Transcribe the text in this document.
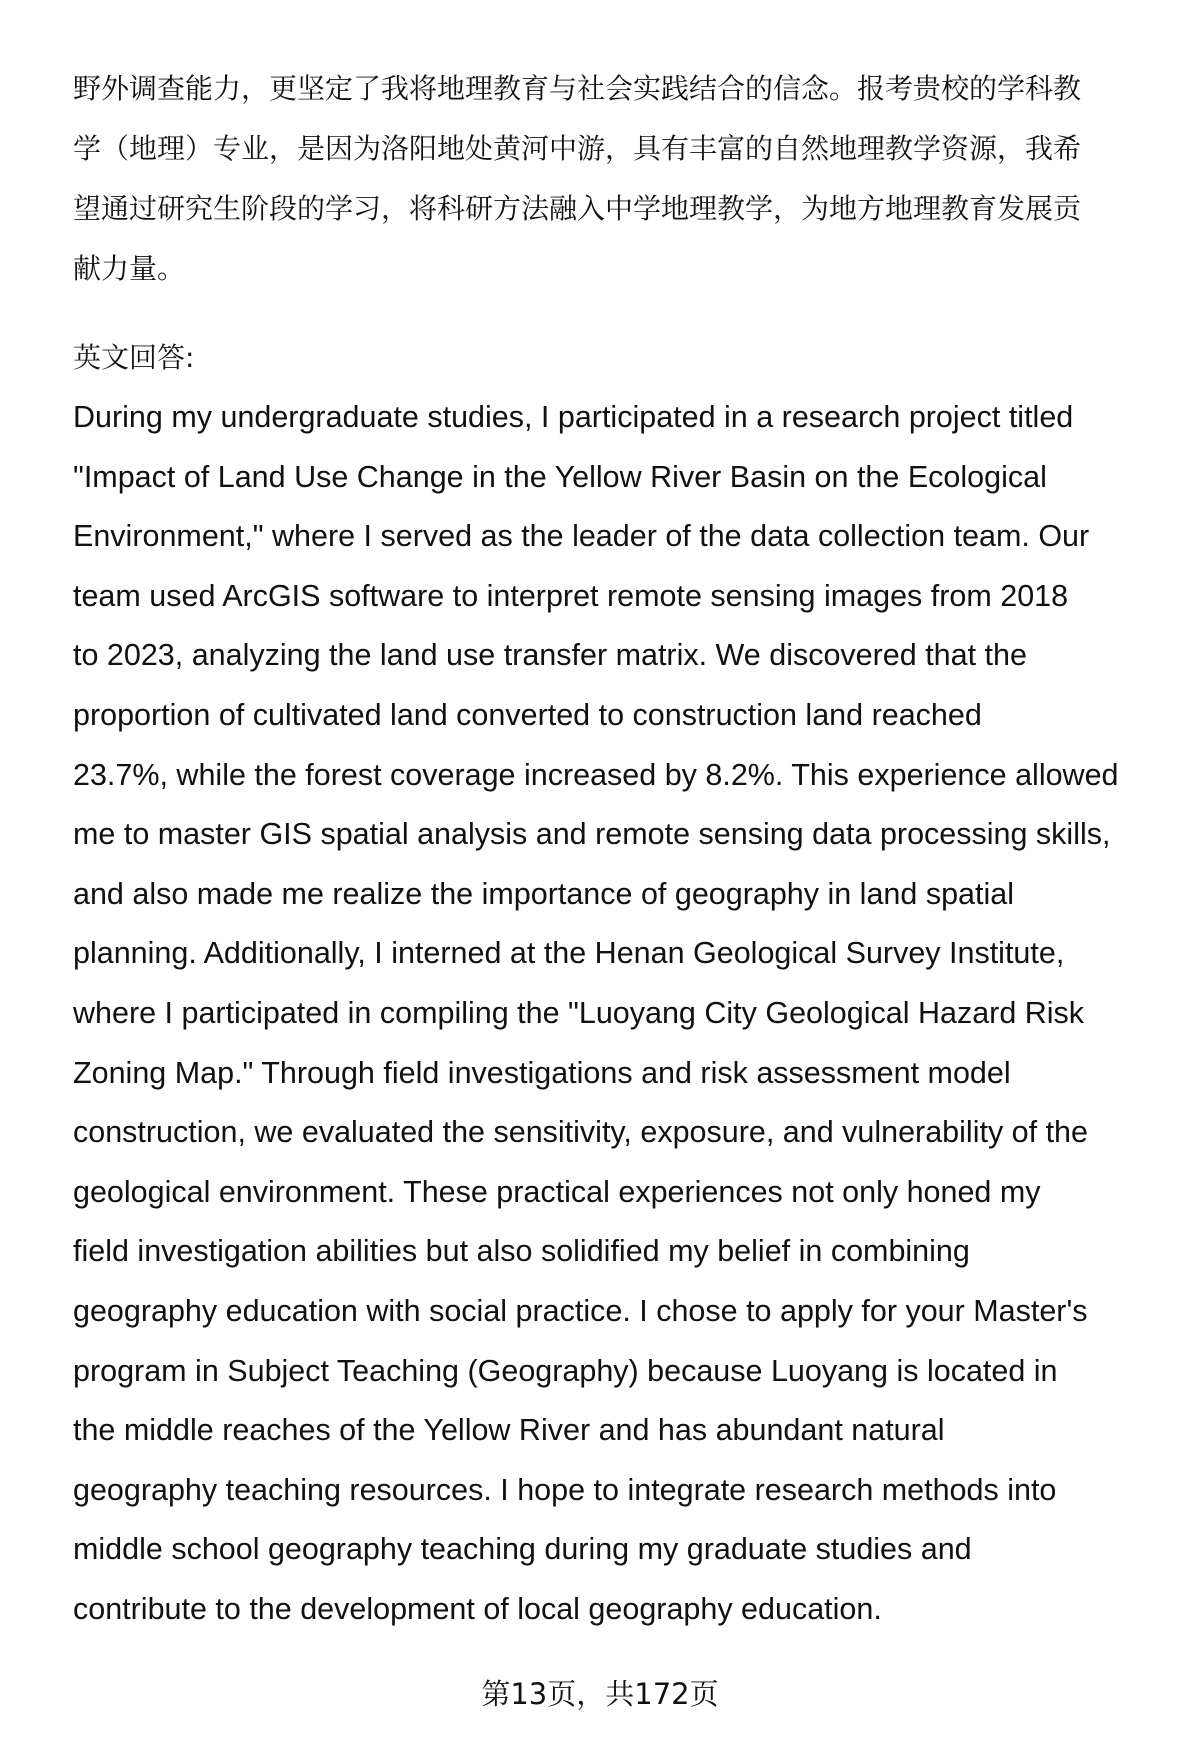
野外调查能力，更坚定了我将地理教育与社会实践结合的信念。报考贵校的学科教
学（地理）专业，是因为洛阳地处黄河中游，具有丰富的自然地理教学资源，我希
望通过研究生阶段的学习，将科研方法融入中学地理教学，为地方地理教育发展贡
献力量。
英文回答:
During my undergraduate studies, I participated in a research project titled
"Impact of Land Use Change in the Yellow River Basin on the Ecological
Environment," where I served as the leader of the data collection team. Our
team used ArcGIS software to interpret remote sensing images from 2018
to 2023, analyzing the land use transfer matrix. We discovered that the
proportion of cultivated land converted to construction land reached
23.7%, while the forest coverage increased by 8.2%. This experience allowed
me to master GIS spatial analysis and remote sensing data processing skills,
and also made me realize the importance of geography in land spatial
planning. Additionally, I interned at the Henan Geological Survey Institute,
where I participated in compiling the "Luoyang City Geological Hazard Risk
Zoning Map." Through field investigations and risk assessment model
construction, we evaluated the sensitivity, exposure, and vulnerability of the
geological environment. These practical experiences not only honed my
field investigation abilities but also solidified my belief in combining
geography education with social practice. I chose to apply for your Master's
program in Subject Teaching (Geography) because Luoyang is located in
the middle reaches of the Yellow River and has abundant natural
geography teaching resources. I hope to integrate research methods into
middle school geography teaching during my graduate studies and
contribute to the development of local geography education.
第13页，共172页
